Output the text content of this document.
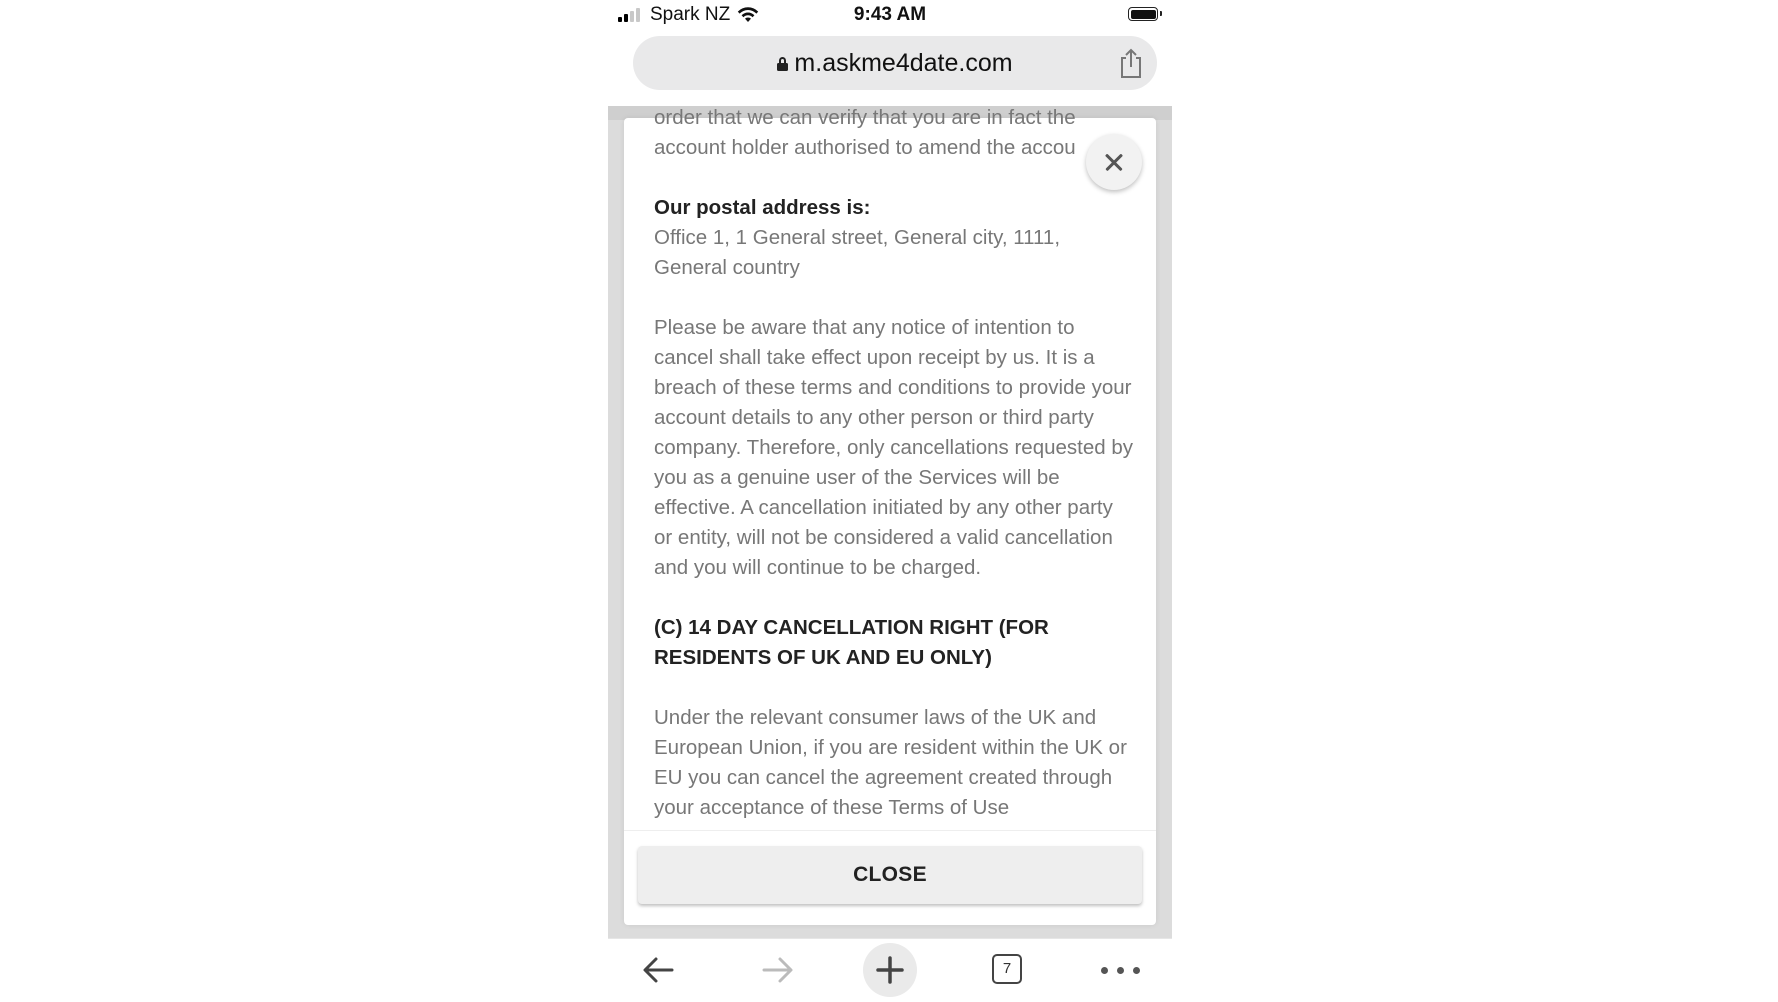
Spark NZ	9:43 AM
m.askme4date.com

order that we can verify that you are in fact the account holder authorised to amend the accou

Our postal address is:

Office 1, 1 General street, General city, 1111, General country

Please be aware that any notice of intention to cancel shall take effect upon receipt by us. It is a breach of these terms and conditions to provide your account details to any other person or third party company. Therefore, only cancellations requested by you as a genuine user of the Services will be effective. A cancellation initiated by any other party or entity, will not be considered a valid cancellation and you will continue to be charged.

(C) 14 DAY CANCELLATION RIGHT (FOR RESIDENTS OF UK AND EU ONLY)

Under the relevant consumer laws of the UK and European Union, if you are resident within the UK or EU you can cancel the agreement created through your acceptance of these Terms of Use

CLOSE
7
